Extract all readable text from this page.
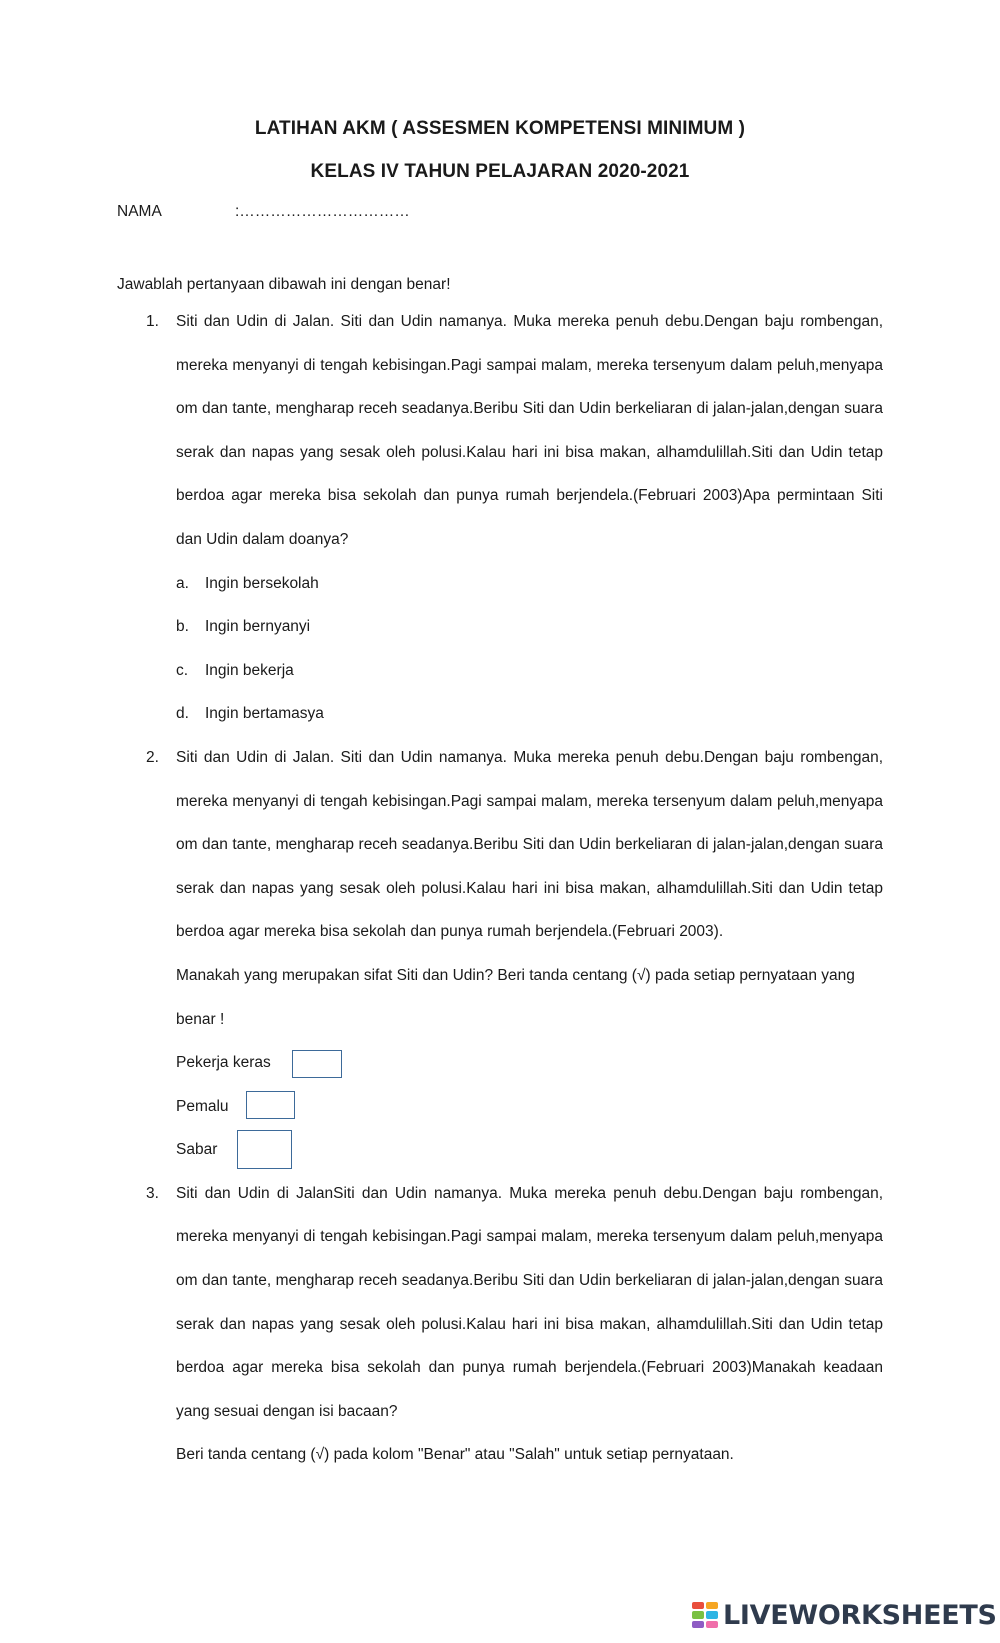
LATIHAN AKM ( ASSESMEN KOMPETENSI MINIMUM )
KELAS IV TAHUN PELAJARAN 2020-2021
NAMA	:……………………………
Jawablah pertanyaan dibawah ini dengan benar!
1. Siti dan Udin di Jalan. Siti dan Udin namanya. Muka mereka penuh debu.Dengan baju rombengan, mereka menyanyi di tengah kebisingan.Pagi sampai malam, mereka tersenyum dalam peluh,menyapa om dan tante, mengharap receh seadanya.Beribu Siti dan Udin berkeliaran di jalan-jalan,dengan suara serak dan napas yang sesak oleh polusi.Kalau hari ini bisa makan, alhamdulillah.Siti dan Udin tetap berdoa agar mereka bisa sekolah dan punya rumah berjendela.(Februari 2003)Apa permintaan Siti dan Udin dalam doanya?

a.	Ingin bersekolah
b.	Ingin bernyanyi
c.	Ingin bekerja
d.	Ingin bertamasya
2. Siti dan Udin di Jalan. Siti dan Udin namanya. Muka mereka penuh debu.Dengan baju rombengan, mereka menyanyi di tengah kebisingan.Pagi sampai malam, mereka tersenyum dalam peluh,menyapa om dan tante, mengharap receh seadanya.Beribu Siti dan Udin berkeliaran di jalan-jalan,dengan suara serak dan napas yang sesak oleh polusi.Kalau hari ini bisa makan, alhamdulillah.Siti dan Udin tetap berdoa agar mereka bisa sekolah dan punya rumah berjendela.(Februari 2003).

Manakah yang merupakan sifat Siti dan Udin? Beri tanda centang (√) pada setiap pernyataan yang benar !

Pekerja keras
Pemalu
Sabar
3. Siti dan Udin di JalanSiti dan Udin namanya. Muka mereka penuh debu.Dengan baju rombengan, mereka menyanyi di tengah kebisingan.Pagi sampai malam, mereka tersenyum dalam peluh,menyapa om dan tante, mengharap receh seadanya.Beribu Siti dan Udin berkeliaran di jalan-jalan,dengan suara serak dan napas yang sesak oleh polusi.Kalau hari ini bisa makan, alhamdulillah.Siti dan Udin tetap berdoa agar mereka bisa sekolah dan punya rumah berjendela.(Februari 2003)Manakah keadaan yang sesuai dengan isi bacaan?

Beri tanda centang (√) pada kolom "Benar" atau "Salah" untuk setiap pernyataan.

LIVEWORKSHEETS
